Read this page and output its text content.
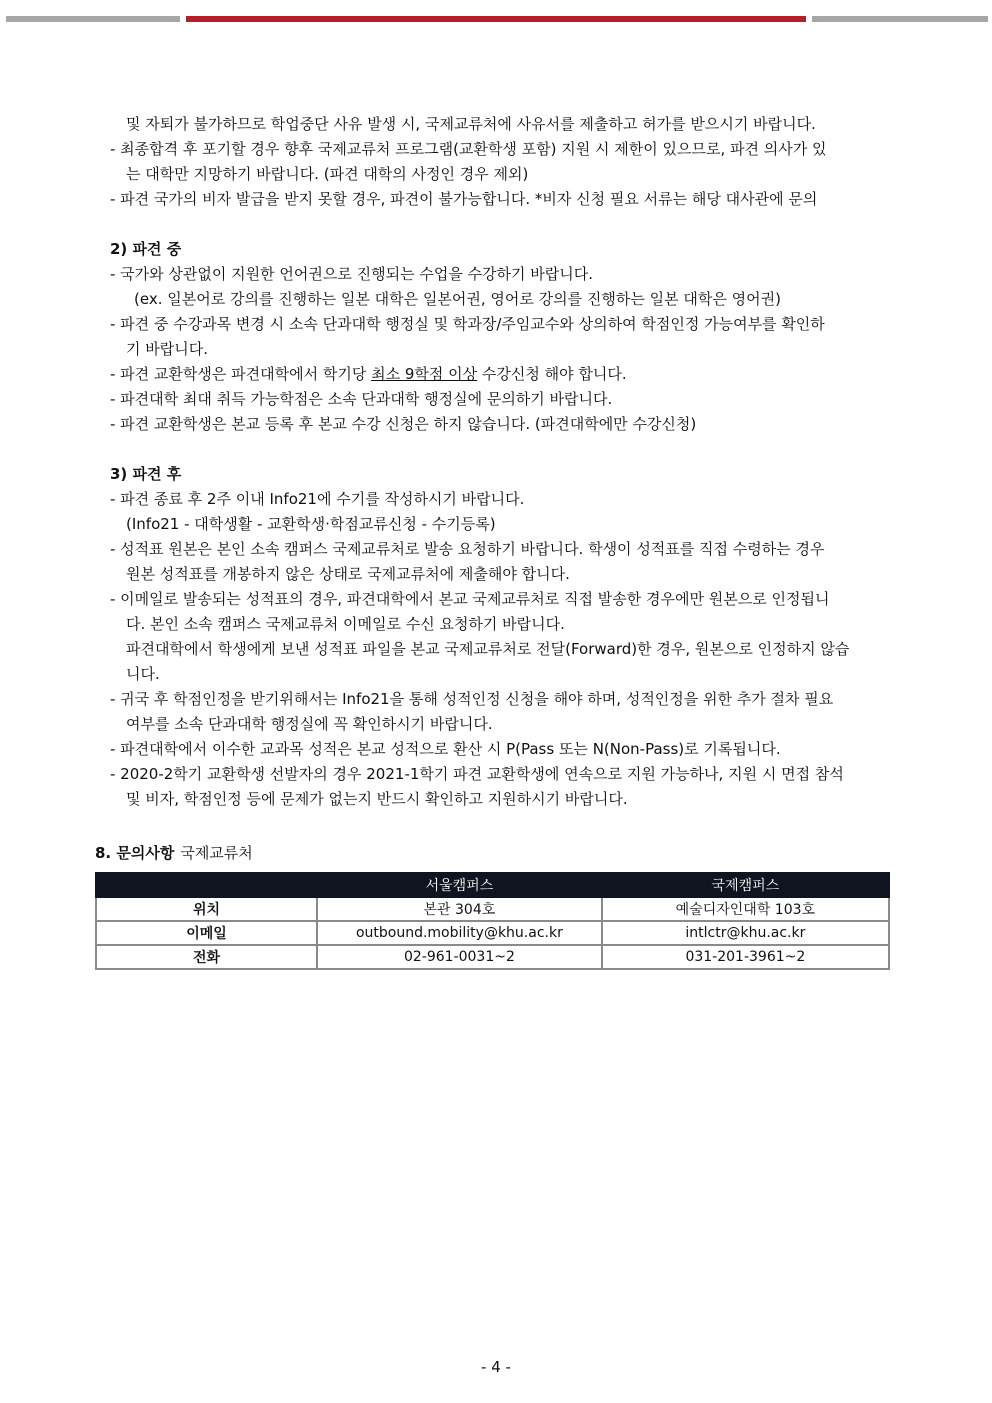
및 자퇴가 불가하므로 학업중단 사유 발생 시, 국제교류처에 사유서를 제출하고 허가를 받으시기 바랍니다.
- 최종합격 후 포기할 경우 향후 국제교류처 프로그램(교환학생 포함) 지원 시 제한이 있으므로, 파견 의사가 있
는 대학만 지망하기 바랍니다. (파견 대학의 사정인 경우 제외)
- 파견 국가의 비자 발급을 받지 못할 경우, 파견이 불가능합니다. *비자 신청 필요 서류는 해당 대사관에 문의
2) 파견 중
- 국가와 상관없이 지원한 언어권으로 진행되는 수업을 수강하기 바랍니다.
(ex. 일본어로 강의를 진행하는 일본 대학은 일본어권, 영어로 강의를 진행하는 일본 대학은 영어권)
- 파견 중 수강과목 변경 시 소속 단과대학 행정실 및 학과장/주임교수와 상의하여 학점인정 가능여부를 확인하
기 바랍니다.
- 파견 교환학생은 파견대학에서 학기당 최소 9학점 이상 수강신청 해야 합니다.
- 파견대학 최대 취득 가능학점은 소속 단과대학 행정실에 문의하기 바랍니다.
- 파견 교환학생은 본교 등록 후 본교 수강 신청은 하지 않습니다. (파견대학에만 수강신청)
3) 파견 후
- 파견 종료 후 2주 이내 Info21에 수기를 작성하시기 바랍니다.
(Info21 - 대학생활 - 교환학생·학점교류신청 - 수기등록)
- 성적표 원본은 본인 소속 캠퍼스 국제교류처로 발송 요청하기 바랍니다. 학생이 성적표를 직접 수령하는 경우
원본 성적표를 개봉하지 않은 상태로 국제교류처에 제출해야 합니다.
- 이메일로 발송되는 성적표의 경우, 파견대학에서 본교 국제교류처로 직접 발송한 경우에만 원본으로 인정됩니
다. 본인 소속 캠퍼스 국제교류처 이메일로 수신 요청하기 바랍니다.
파견대학에서 학생에게 보낸 성적표 파일을 본교 국제교류처로 전달(Forward)한 경우, 원본으로 인정하지 않습
니다.
- 귀국 후 학점인정을 받기위해서는 Info21을 통해 성적인정 신청을 해야 하며, 성적인정을 위한 추가 절차 필요
여부를 소속 단과대학 행정실에 꼭 확인하시기 바랍니다.
- 파견대학에서 이수한 교과목 성적은 본교 성적으로 환산 시 P(Pass 또는 N(Non-Pass)로 기록됩니다.
- 2020-2학기 교환학생 선발자의 경우 2021-1학기 파견 교환학생에 연속으로 지원 가능하나, 지원 시 면접 참석
및 비자, 학점인정 등에 문제가 없는지 반드시 확인하고 지원하시기 바랍니다.
8. 문의사항 국제교류처
	서울캠퍼스	국제캠퍼스
위치	본관 304호	예술디자인대학 103호
이메일	outbound.mobility@khu.ac.kr	intlctr@khu.ac.kr
전화	02-961-0031~2	031-201-3961~2
- 4 -
